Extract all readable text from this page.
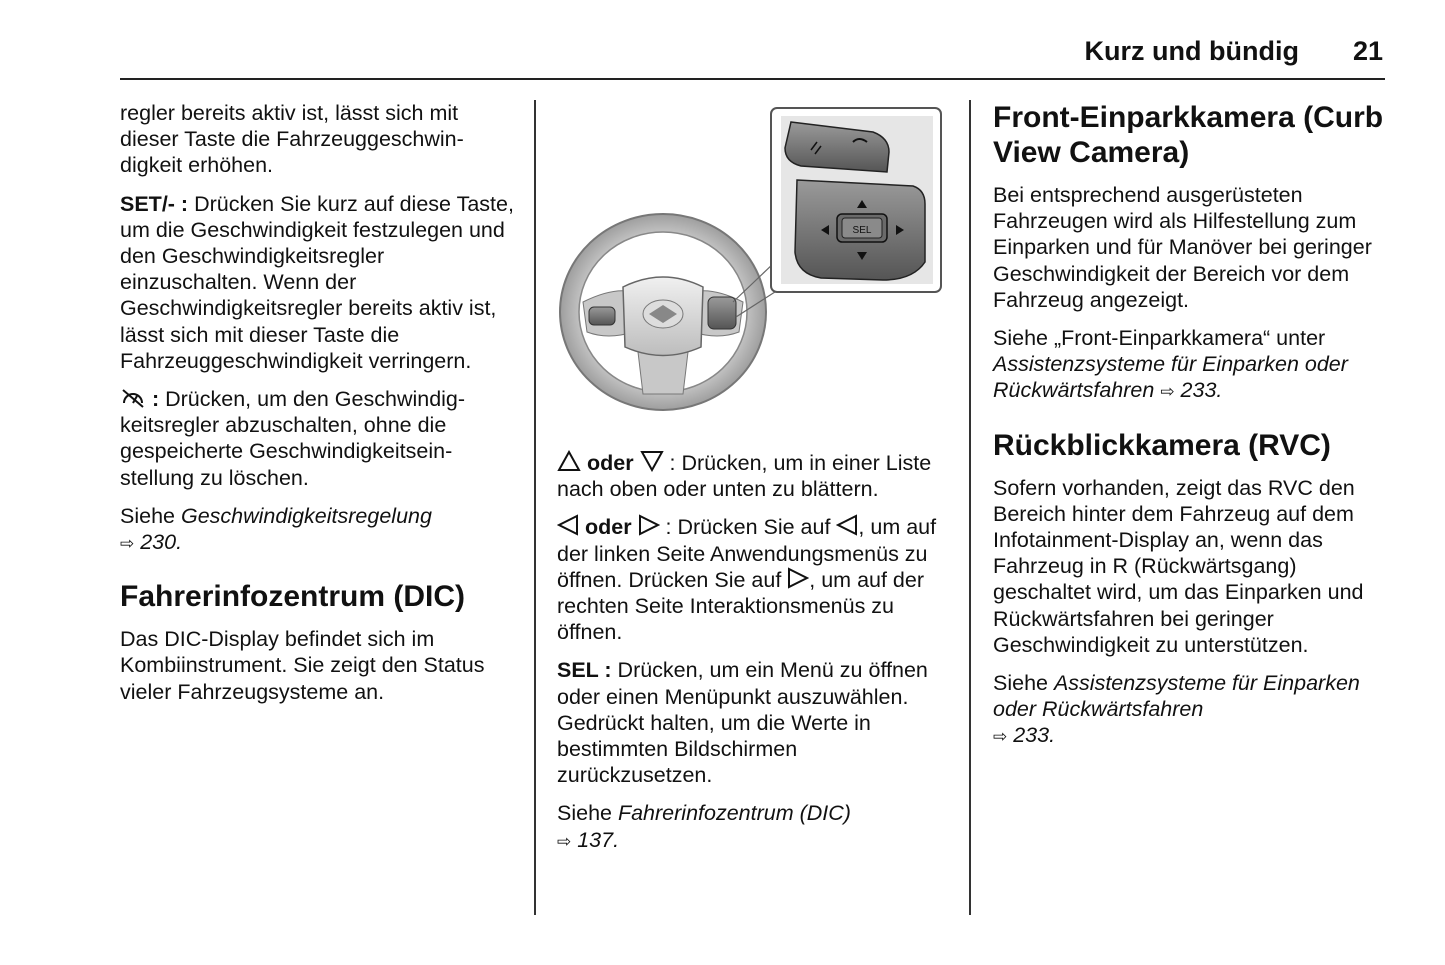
Kurz und bündig 21

regler bereits aktiv ist, lässt sich mit dieser Taste die Fahrzeuggeschwindigkeit erhöhen.

SET/- : Drücken Sie kurz auf diese Taste, um die Geschwindigkeit festzulegen und den Geschwindigkeitsregler einzuschalten. Wenn der Geschwindigkeitsregler bereits aktiv ist, lässt sich mit dieser Taste die Fahrzeuggeschwindigkeit verringern.

: Drücken, um den Geschwindigkeitsregler abzuschalten, ohne die gespeicherte Geschwindigkeitseinstellung zu löschen.

Siehe Geschwindigkeitsregelung
⇨ 230.

Fahrerinfozentrum (DIC)

Das DIC-Display befindet sich im Kombiinstrument. Sie zeigt den Status vieler Fahrzeugsysteme an.

SEL

oder  : Drücken, um in einer Liste nach oben oder unten zu blättern.

oder  : Drücken Sie auf , um auf der linken Seite Anwendungsmenüs zu öffnen. Drücken Sie auf , um auf der rechten Seite Interaktionsmenüs zu öffnen.

SEL : Drücken, um ein Menü zu öffnen oder einen Menüpunkt auszuwählen. Gedrückt halten, um die Werte in bestimmten Bildschirmen zurückzusetzen.

Siehe Fahrerinfozentrum (DIC)
⇨ 137.

Front-Einparkkamera (Curb View Camera)

Bei entsprechend ausgerüsteten Fahrzeugen wird als Hilfestellung zum Einparken und für Manöver bei geringer Geschwindigkeit der Bereich vor dem Fahrzeug angezeigt.

Siehe „Front-Einparkkamera“ unter Assistenzsysteme für Einparken oder Rückwärtsfahren ⇨ 233.

Rückblickkamera (RVC)

Sofern vorhanden, zeigt das RVC den Bereich hinter dem Fahrzeug auf dem Infotainment-Display an, wenn das Fahrzeug in R (Rückwärtsgang) geschaltet wird, um das Einparken und Rückwärtsfahren bei geringer Geschwindigkeit zu unterstützen.

Siehe Assistenzsysteme für Einparken oder Rückwärtsfahren
⇨ 233.
